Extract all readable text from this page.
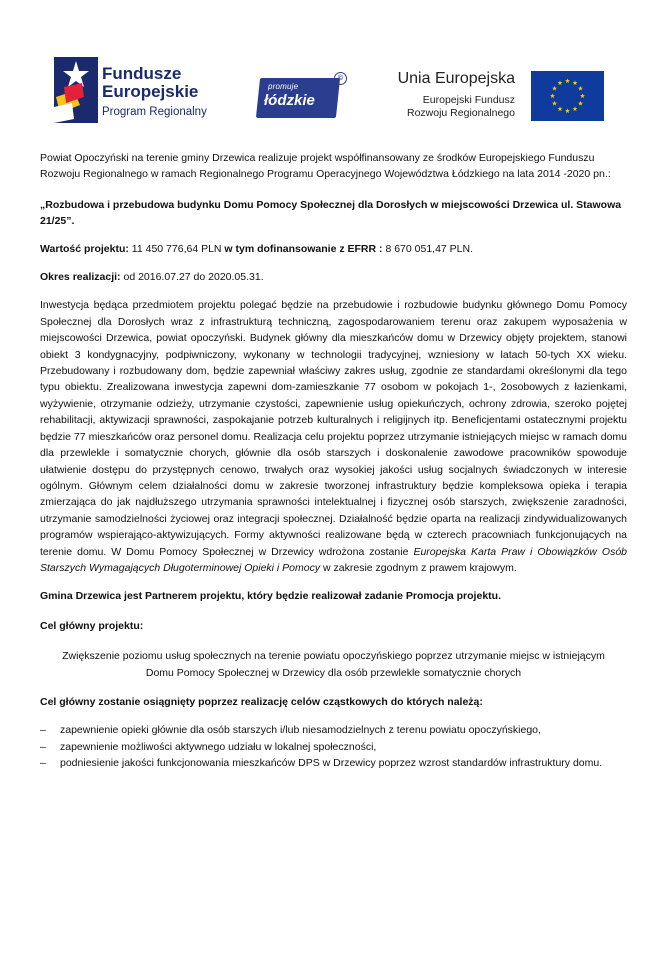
Fundusze
Europejskie
Program Regionalny
promuje
łódzkie
©	Unia Europejska
Europejski Fundusz
Rozwoju Regionalnego

Powiat Opoczyński na terenie gminy Drzewica realizuje projekt współfinansowany ze środków Europejskiego Funduszu Rozwoju Regionalnego w ramach Regionalnego Programu Operacyjnego Województwa Łódzkiego na lata 2014 -2020 pn.:

„Rozbudowa i przebudowa budynku Domu Pomocy Społecznej dla Dorosłych w miejscowości Drzewica ul. Stawowa 21/25”.

Wartość projektu: 11 450 776,64 PLN w tym dofinansowanie z EFRR : 8 670 051,47 PLN.

Okres realizacji: od 2016.07.27 do 2020.05.31.

Inwestycja będąca przedmiotem projektu polegać będzie na przebudowie i rozbudowie budynku głównego Domu Pomocy Społecznej dla Dorosłych wraz z infrastrukturą techniczną, zagospodarowaniem terenu oraz zakupem wyposażenia w miejscowości Drzewica, powiat opoczyński. Budynek główny dla mieszkańców domu w Drzewicy objęty projektem, stanowi obiekt 3 kondygnacyjny, podpiwniczony, wykonany w technologii tradycyjnej, wzniesiony w latach 50-tych XX wieku. Przebudowany i rozbudowany dom, będzie zapewniał właściwy zakres usług, zgodnie ze standardami określonymi dla tego typu obiektu. Zrealizowana inwestycja zapewni dom-zamieszkanie 77 osobom w pokojach 1-, 2osobowych z łazienkami, wyżywienie, otrzymanie odzieży, utrzymanie czystości, zapewnienie usług opiekuńczych, ochrony zdrowia, szeroko pojętej rehabilitacji, aktywizacji sprawności, zaspokajanie potrzeb kulturalnych i religijnych itp. Beneficjentami ostatecznymi projektu będzie 77 mieszkańców oraz personel domu. Realizacja celu projektu poprzez utrzymanie istniejących miejsc w ramach domu dla przewlekle i somatycznie chorych, głównie dla osób starszych i doskonalenie zawodowe pracowników spowoduje ułatwienie dostępu do przystępnych cenowo, trwałych oraz wysokiej jakości usług socjalnych świadczonych w interesie ogólnym. Głównym celem działalności domu w zakresie tworzonej infrastruktury będzie kompleksowa opieka i terapia zmierzająca do jak najdłuższego utrzymania sprawności intelektualnej i fizycznej osób starszych, zwiększenie zaradności, utrzymanie samodzielności życiowej oraz integracji społecznej. Działalność będzie oparta na realizacji zindywidualizowanych programów wspierająco-aktywizujących. Formy aktywności realizowane będą w czterech pracowniach funkcjonujących na terenie domu. W Domu Pomocy Społecznej w Drzewicy wdrożona zostanie Europejska Karta Praw i Obowiązków Osób Starszych Wymagających Długoterminowej Opieki i Pomocy w zakresie zgodnym z prawem krajowym.

Gmina Drzewica jest Partnerem projektu, który będzie realizował zadanie Promocja projektu.

Cel główny projektu:

Zwiększenie poziomu usług społecznych na terenie powiatu opoczyńskiego poprzez utrzymanie miejsc w istniejącym Domu Pomocy Społecznej w Drzewicy dla osób przewlekle somatycznie chorych

Cel główny zostanie osiągnięty poprzez realizację celów cząstkowych do których należą:

– zapewnienie opieki głównie dla osób starszych i/lub niesamodzielnych z terenu powiatu opoczyńskiego,
– zapewnienie możliwości aktywnego udziału w lokalnej społeczności,
– podniesienie jakości funkcjonowania mieszkańców DPS w Drzewicy poprzez wzrost standardów infrastruktury domu.
